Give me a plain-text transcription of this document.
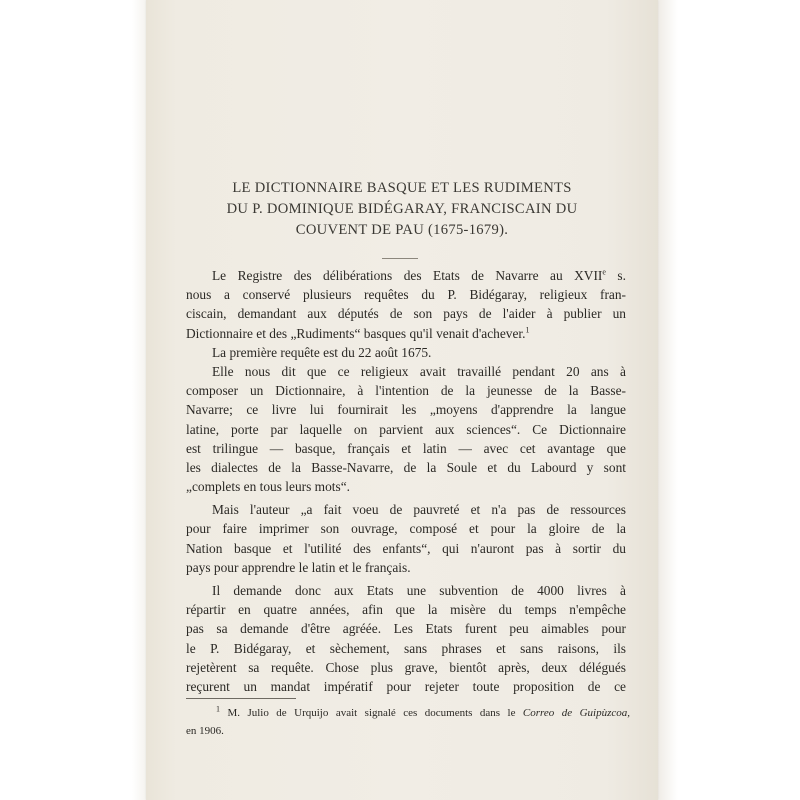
LE DICTIONNAIRE BASQUE ET LES RUDIMENTS
DU P. DOMINIQUE BIDÉGARAY, FRANCISCAIN DU
COUVENT DE PAU (1675-1679).
Le Registre des délibérations des Etats de Navarre au XVIIe s.
nous a conservé plusieurs requêtes du P. Bidégaray, religieux fran-
ciscain, demandant aux députés de son pays de l'aider à publier un
Dictionnaire et des „Rudiments“ basques qu'il venait d'achever.$^1$
La première requête est du 22 août 1675.
Elle nous dit que ce religieux avait travaillé pendant 20 ans à
composer un Dictionnaire, à l'intention de la jeunesse de la Basse-
Navarre; ce livre lui fournirait les „moyens d'apprendre la langue
latine, porte par laquelle on parvient aux sciences“. Ce Dictionnaire
est trilingue — basque, français et latin — avec cet avantage que
les dialectes de la Basse-Navarre, de la Soule et du Labourd y sont
„complets en tous leurs mots“.
Mais l'auteur „a fait voeu de pauvreté et n'a pas de ressources
pour faire imprimer son ouvrage, composé et pour la gloire de la
Nation basque et l'utilité des enfants“, qui n'auront pas à sortir du
pays pour apprendre le latin et le français.
Il demande donc aux Etats une subvention de 4000 livres à
répartir en quatre années, afin que la misère du temps n'empêche
pas sa demande d'être agréée. Les Etats furent peu aimables pour
le P. Bidégaray, et sèchement, sans phrases et sans raisons, ils
rejetèrent sa requête. Chose plus grave, bientôt après, deux délégués
reçurent un mandat impératif pour rejeter toute proposition de ce
$^1$ M. Julio de Urquijo avait signalé ces documents dans le Correo de Guipùzcoa,
en 1906.
